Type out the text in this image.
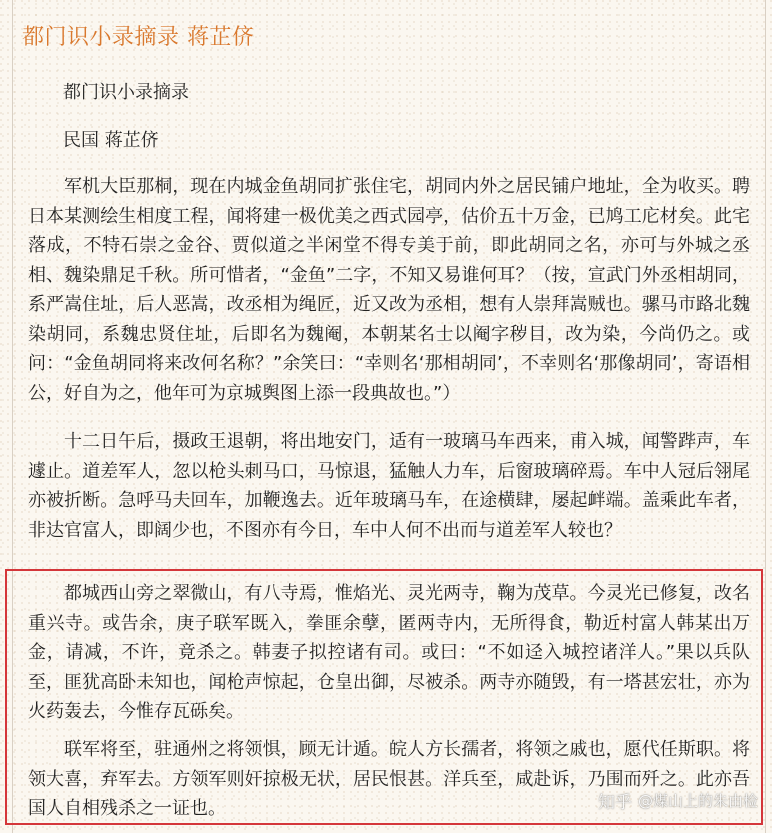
都门识小录摘录 蒋芷侪
都门识小录摘录
民国 蒋芷侪

军机大臣那桐，现在内城金鱼胡同扩张住宅，胡同内外之居民铺户地址，全为收买。聘日本某测绘生相度工程，闻将建一极优美之西式园亭，估价五十万金，已鸠工庀材矣。此宅落成，不特石崇之金谷、贾似道之半闲堂不得专美于前，即此胡同之名，亦可与外城之丞相、魏染鼎足千秋。所可惜者，“金鱼”二字，不知又易谁何耳？（按，宣武门外丞相胡同，系严嵩住址，后人恶嵩，改丞相为绳匠，近又改为丞相，想有人崇拜嵩贼也。骡马市路北魏染胡同，系魏忠贤住址，后即名为魏阉，本朝某名士以阉字秽目，改为染，今尚仍之。或问：“金鱼胡同将来改何名称？”余笑曰：“幸则名‘那相胡同’，不幸则名‘那像胡同’，寄语相公，好自为之，他年可为京城舆图上添一段典故也。”）

十二日午后，摄政王退朝，将出地安门，适有一玻璃马车西来，甫入城，闻警跸声，车遽止。道差军人，忽以枪头刺马口，马惊退，猛触人力车，后窗玻璃碎焉。车中人冠后翎尾亦被折断。急呼马夫回车，加鞭逸去。近年玻璃马车，在途横肆，屡起衅端。盖乘此车者，非达官富人，即阔少也，不图亦有今日，车中人何不出而与道差军人较也？

都城西山旁之翠微山，有八寺焉，惟焰光、灵光两寺，鞠为茂草。今灵光已修复，改名重兴寺。或告余，庚子联军既入，拳匪余孽，匿两寺内，无所得食，勒近村富人韩某出万金，请减，不许，竟杀之。韩妻子拟控诸有司。或曰：“不如迳入城控诸洋人。”果以兵队至，匪犹高卧未知也，闻枪声惊起，仓皇出御，尽被杀。两寺亦随毁，有一塔甚宏壮，亦为火药轰去，今惟存瓦砾矣。

联军将至，驻通州之将领惧，顾无计遁。皖人方长孺者，将领之戚也，愿代任斯职。将领大喜，弃军去。方领军则奸掠极无状，居民恨甚。洋兵至，咸赴诉，乃围而歼之。此亦吾国人自相残杀之一证也。	知乎 @煤山上的朱由检
